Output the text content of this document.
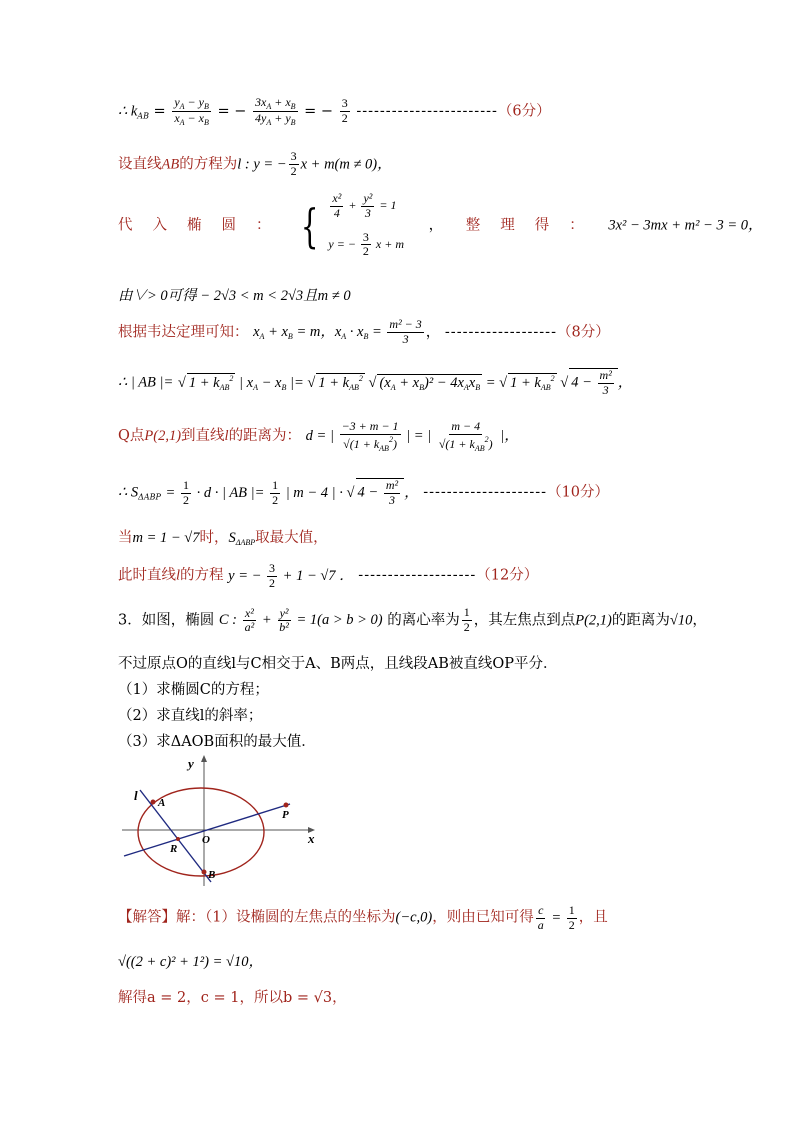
∴ $k_{AB} = \frac{y_A - y_B}{x_A - x_B}$ = − $\frac{3x_A + x_B}{4y_A + y_B}$ = − $\frac{3}{2} ------------------------(6$分）
设直线AB的方程为l : y = − $\frac{3}{2}$ x + m(m ≠ 0)，
代入椭圆： { $\frac{\text{x²}}{4} + \frac{\text{y²}}{3} = 1$
y = − $\frac{3}{2}$ x + m
， 整理得： 3x² − 3mx + m² − 3 = 0，
由∨> 0可得 − 2√3 < m < 2√3且m ≠ 0
根据韦达定理可知： $x_A + x_B = m$，$x_A \cdot x_B = \frac{\text{m² − 3}}{3}$ ， -------------------（8分）
∴ | AB |= √ $1 + k_{AB}^2$ | $x_A - x_B$ |= √ $1 + k_{AB}^2$ √ $(x_A + x_B)^2 - 4x_Ax_B$ = √ $1 + k_{AB}^2$ √ $4 - \frac{\text{m²}}{3}$ ，
Q点P(2,1)到直线l的距离为： d = | $\frac{-3 + m - 1}{√(1 + k_{AB}^2)}$ | = | $\frac{m - 4}{√(1 + k_{AB}^2)}$ |，
∴ $S_{\Delta ABP} = \frac{1}{2} \cdot d$ · | AB |= $\frac{1}{2}$ | m − 4 | · √ $4 - \frac{\text{m²}}{3}$ ， ---------------------（10分）
当m = 1 − √7时，$S_{\Delta ABP}$取最大值，
此时直线l的方程 y = − $\frac{3}{2} + 1 - √7$ ． --------------------（12分）
3．如图，椭圆 C : $\frac{\text{x²}}{\text{a²}} + \frac{\text{y²}}{\text{b²}} = 1(a > b > 0)$ 的离心率为 $\frac{1}{2}$ ，其左焦点到点P(2,1)的距离为√10，
不过原点O的直线l与C相交于A、B两点，且线段AB被直线OP平分．
（1）求椭圆C的方程；
（2）求直线l的斜率；
（3）求ΔAOB面积的最大值．
y
x
l A
O
R
B
P
【解答】解：（1）设椭圆的左焦点的坐标为(−c,0)，则由已知可得 $\frac{c}{a} = \frac{1}{2}$ ，且
√((2 + c)² + 1²) = √10，
解得a = 2，c = 1，所以b = √3，
